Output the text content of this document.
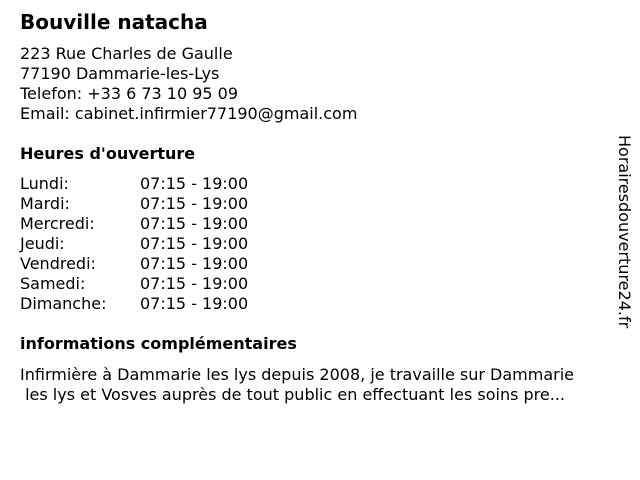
Bouville natacha
223 Rue Charles de Gaulle
77190 Dammarie-les-Lys
Telefon: +33 6 73 10 95 09
Email: cabinet.infirmier77190@gmail.com
Heures d'ouverture
Lundi:	07:15 - 19:00
Mardi:	07:15 - 19:00
Mercredi:	07:15 - 19:00
Jeudi:	07:15 - 19:00
Vendredi:	07:15 - 19:00
Samedi:	07:15 - 19:00
Dimanche:	07:15 - 19:00
informations complémentaires
Infirmière à Dammarie les lys depuis 2008, je travaille sur Dammarie
les lys et Vosves auprès de tout public en effectuant les soins pre...
Horairesdouverture24.fr
